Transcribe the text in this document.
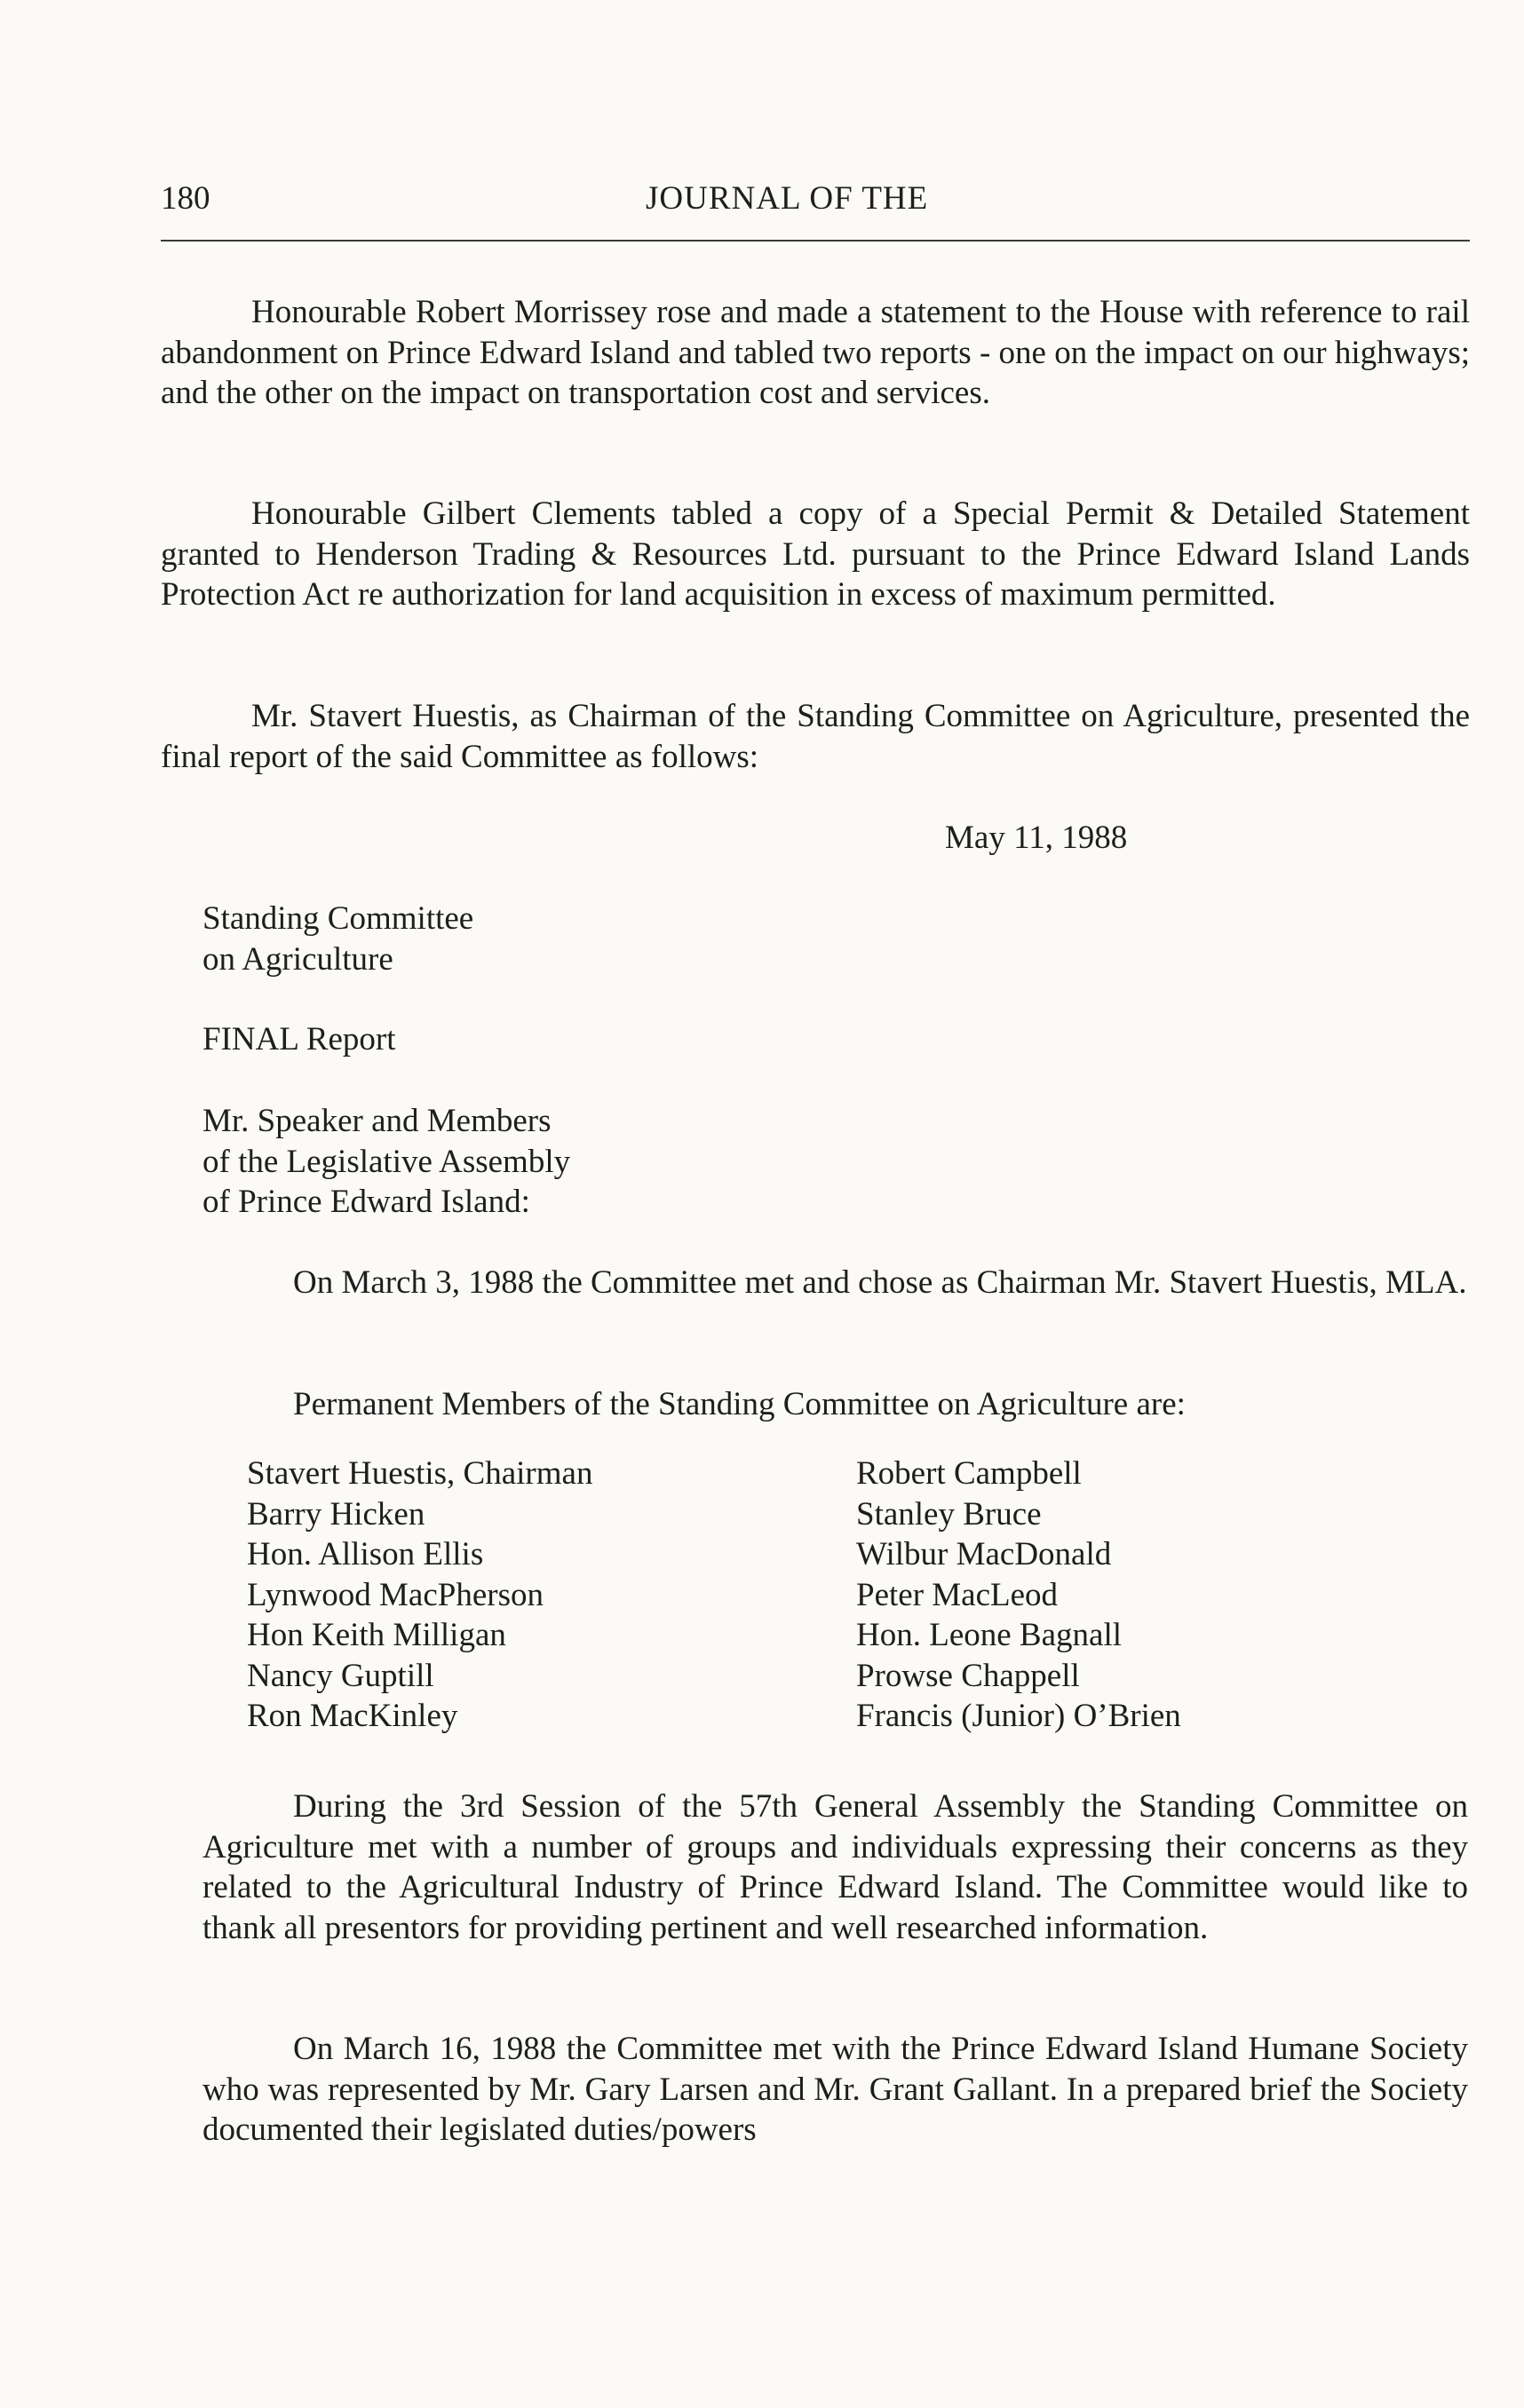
180	JOURNAL OF THE

Honourable Robert Morrissey rose and made a statement to the House with reference to rail abandonment on Prince Edward Island and tabled two reports - one on the impact on our highways; and the other on the impact on transportation cost and services.

Honourable Gilbert Clements tabled a copy of a Special Permit & Detailed Statement granted to Henderson Trading & Resources Ltd. pursuant to the Prince Edward Island Lands Protection Act re authorization for land acquisition in excess of maximum permitted.

Mr. Stavert Huestis, as Chairman of the Standing Committee on Agriculture, presented the final report of the said Committee as follows:

May 11, 1988
Standing Committee
on Agriculture
FINAL Report
Mr. Speaker and Members
of the Legislative Assembly
of Prince Edward Island:

On March 3, 1988 the Committee met and chose as Chairman Mr. Stavert Huestis, MLA.

Permanent Members of the Standing Committee on Agriculture are:

Stavert Huestis, Chairman
Barry Hicken
Hon. Allison Ellis
Lynwood MacPherson
Hon Keith Milligan
Nancy Guptill
Ron MacKinley
Robert Campbell
Stanley Bruce
Wilbur MacDonald
Peter MacLeod
Hon. Leone Bagnall
Prowse Chappell
Francis (Junior) O’Brien

During the 3rd Session of the 57th General Assembly the Standing Committee on Agriculture met with a number of groups and individuals expressing their concerns as they related to the Agricultural Industry of Prince Edward Island. The Committee would like to thank all presentors for providing pertinent and well researched information.

On March 16, 1988 the Committee met with the Prince Edward Island Humane Society who was represented by Mr. Gary Larsen and Mr. Grant Gallant. In a prepared brief the Society documented their legislated duties/powers
